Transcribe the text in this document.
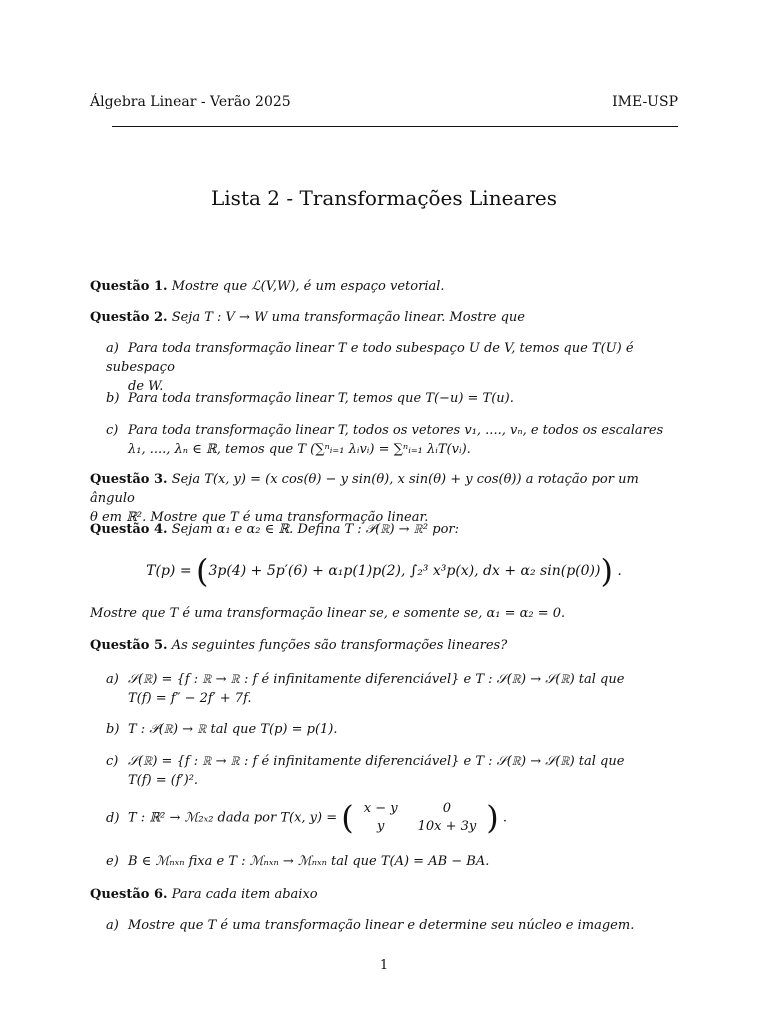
Álgebra Linear - Verão 2025	IME-USP
Lista 2 - Transformações Lineares
Questão 1. Mostre que ℒ(V,W), é um espaço vetorial.
Questão 2. Seja T : V → W uma transformação linear. Mostre que
a) Para toda transformação linear T e todo subespaço U de V, temos que T(U) é subespaço
de W.
b) Para toda transformação linear T, temos que T(−u) = T(u).
c) Para toda transformação linear T, todos os vetores v₁, ...., vₙ, e todos os escalares
λ₁, ...., λₙ ∈ ℝ, temos que T (∑ⁿᵢ₌₁ λᵢvᵢ) = ∑ⁿᵢ₌₁ λᵢT(vᵢ).
Questão 3. Seja T(x, y) = (x cos(θ) − y sin(θ), x sin(θ) + y cos(θ)) a rotação por um ângulo
θ em ℝ². Mostre que T é uma transformação linear.
Questão 4. Sejam α₁ e α₂ ∈ ℝ. Defina T : 𝒫(ℝ) → ℝ² por:
T(p) = (3p(4) + 5p′(6) + α₁p(1)p(2), ∫₂³ x³p(x), dx + α₂ sin(p(0))) .
Mostre que T é uma transformação linear se, e somente se, α₁ = α₂ = 0.
Questão 5. As seguintes funções são transformações lineares?
a) 𝒮(ℝ) = {f : ℝ → ℝ : f é infinitamente diferenciável} e T : 𝒮(ℝ) → 𝒮(ℝ) tal que
T(f) = f″ − 2f′ + 7f.
b) T : 𝒫(ℝ) → ℝ tal que T(p) = p(1).
c) 𝒮(ℝ) = {f : ℝ → ℝ : f é infinitamente diferenciável} e T : 𝒮(ℝ) → 𝒮(ℝ) tal que
T(f) = (f′)².
d) T : ℝ² → ℳ₂ₓ₂ dada por T(x, y) = ( x − y	0
y	10x + 3y ) .
e) B ∈ ℳₙₓₙ fixa e T : ℳₙₓₙ → ℳₙₓₙ tal que T(A) = AB − BA.
Questão 6. Para cada item abaixo
a) Mostre que T é uma transformação linear e determine seu núcleo e imagem.
1
